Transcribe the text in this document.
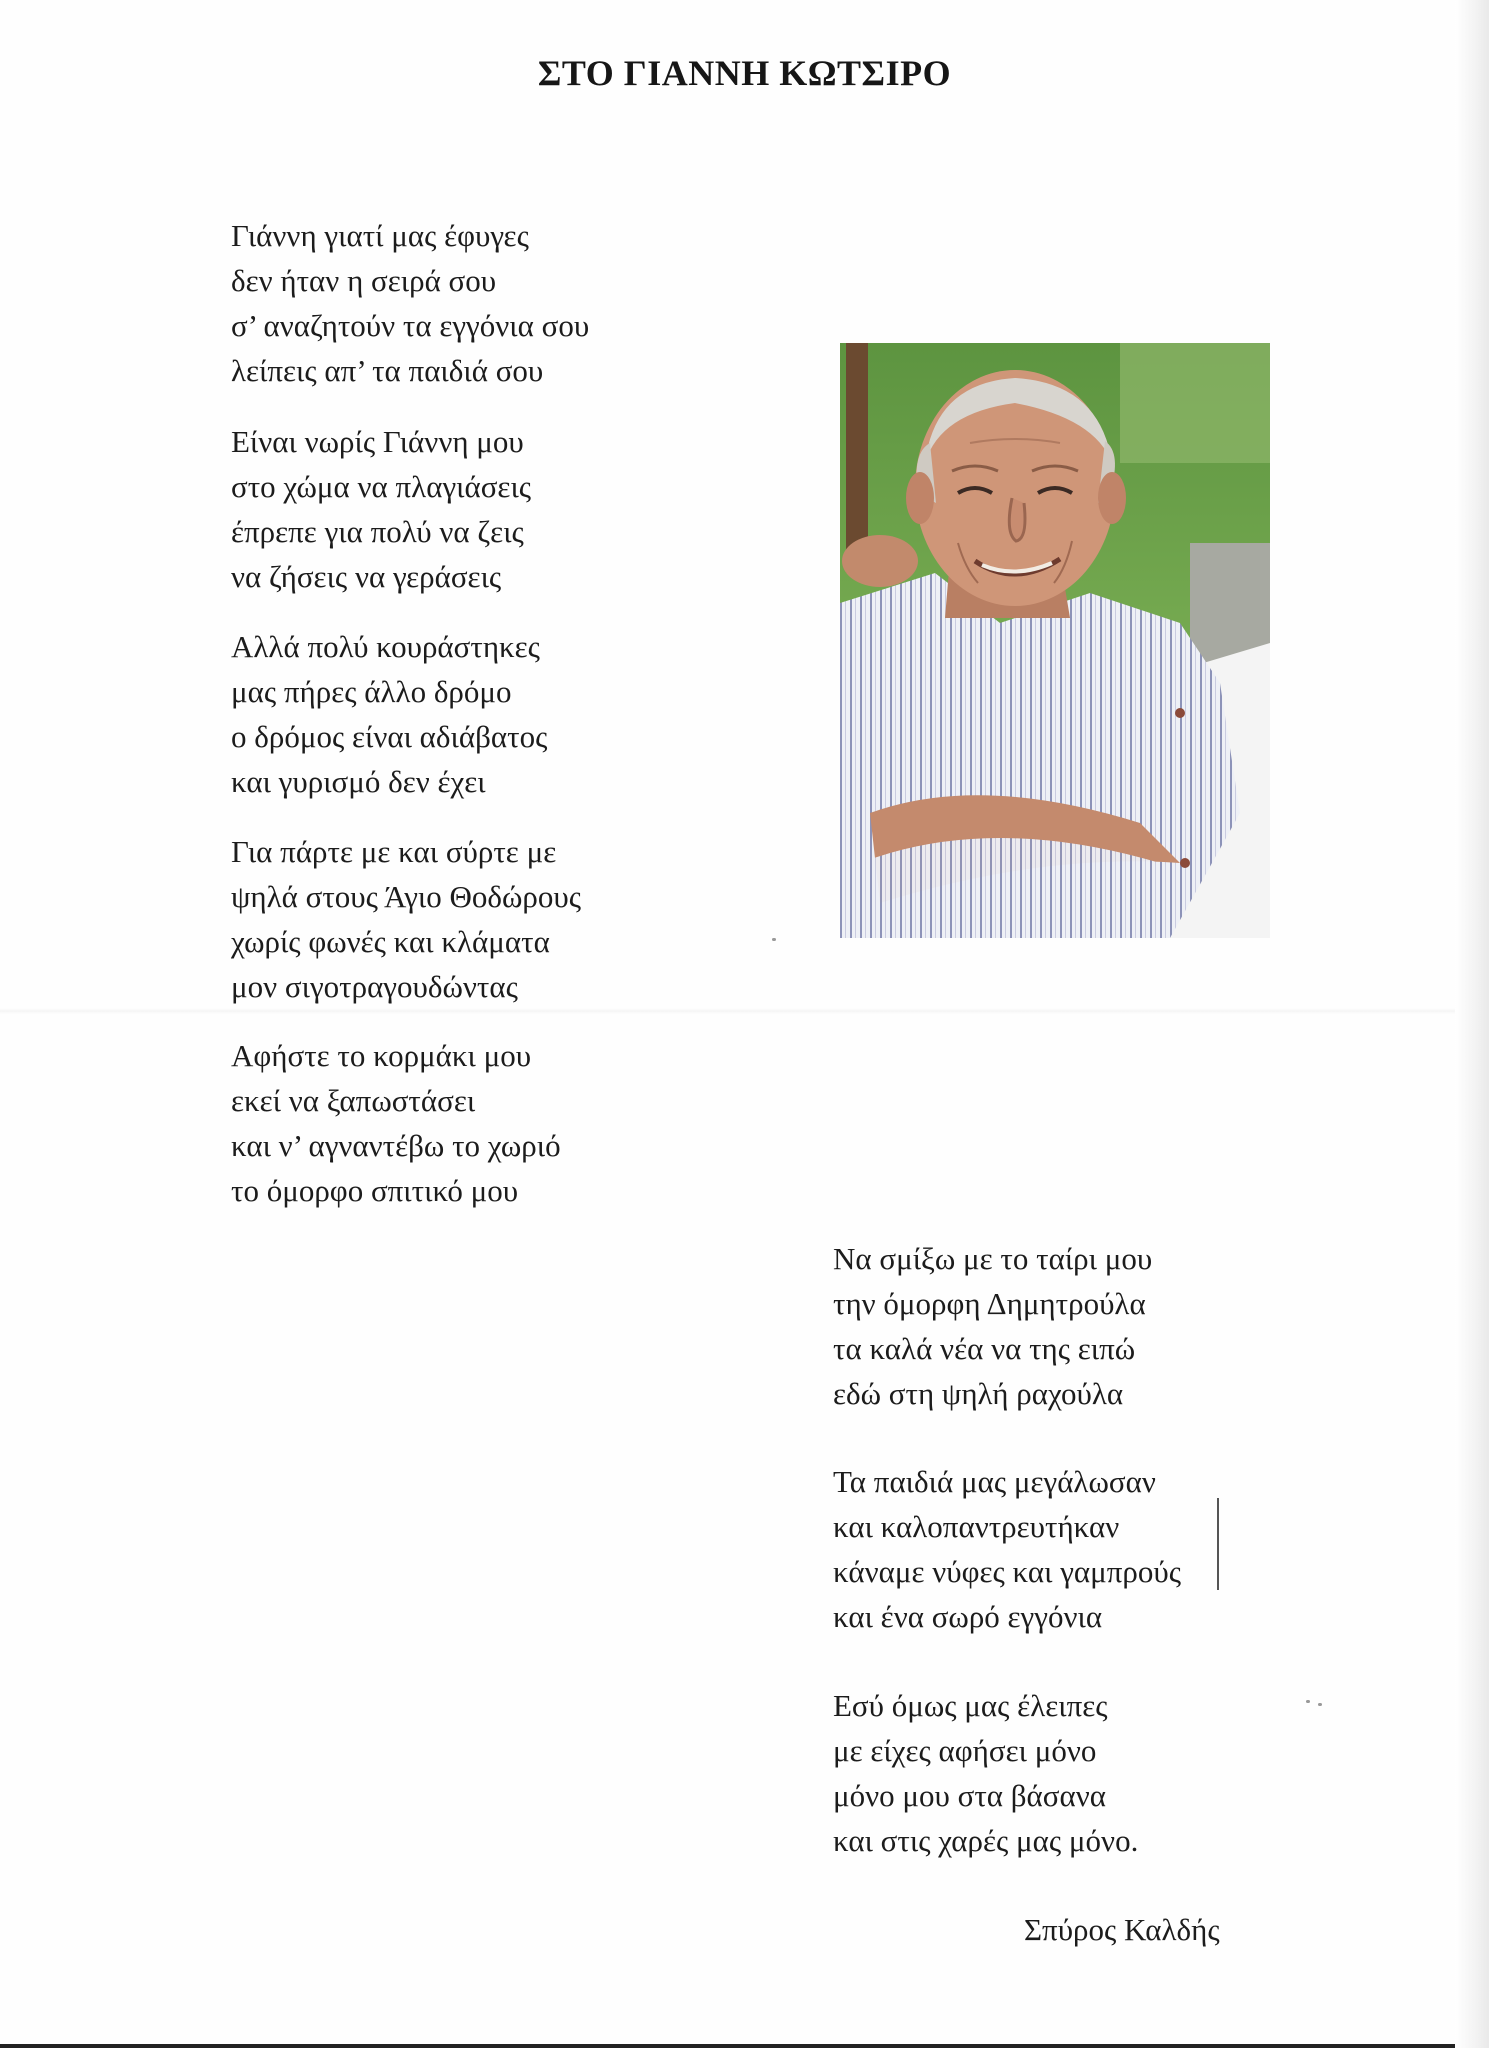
ΣΤΟ ΓΙΑΝΝΗ ΚΩΤΣΙΡΟ
Γιάννη γιατί μας έφυγες
δεν ήταν η σειρά σου
σ’ αναζητούν τα εγγόνια σου
λείπεις απ’ τα παιδιά σου
Είναι νωρίς Γιάννη μου
στο χώμα να πλαγιάσεις
έπρεπε για πολύ να ζεις
να ζήσεις να γεράσεις
Αλλά πολύ κουράστηκες
μας πήρες άλλο δρόμο
ο δρόμος είναι αδιάβατος
και γυρισμό δεν έχει
Για πάρτε με και σύρτε με
ψηλά στους Άγιο Θοδώρους
χωρίς φωνές και κλάματα
μον σιγοτραγουδώντας
Αφήστε το κορμάκι μου
εκεί να ξαπωστάσει
και ν’ αγναντέβω το χωριό
το όμορφο σπιτικό μου
Να σμίξω με το ταίρι μου
την όμορφη Δημητρούλα
τα καλά νέα να της ειπώ
εδώ στη ψηλή ραχούλα
Τα παιδιά μας μεγάλωσαν
και καλοπαντρευτήκαν
κάναμε νύφες και γαμπρούς
και ένα σωρό εγγόνια
Εσύ όμως μας έλειπες
με είχες αφήσει μόνο
μόνο μου στα βάσανα
και στις χαρές μας μόνο.
Σπύρος Καλδής
